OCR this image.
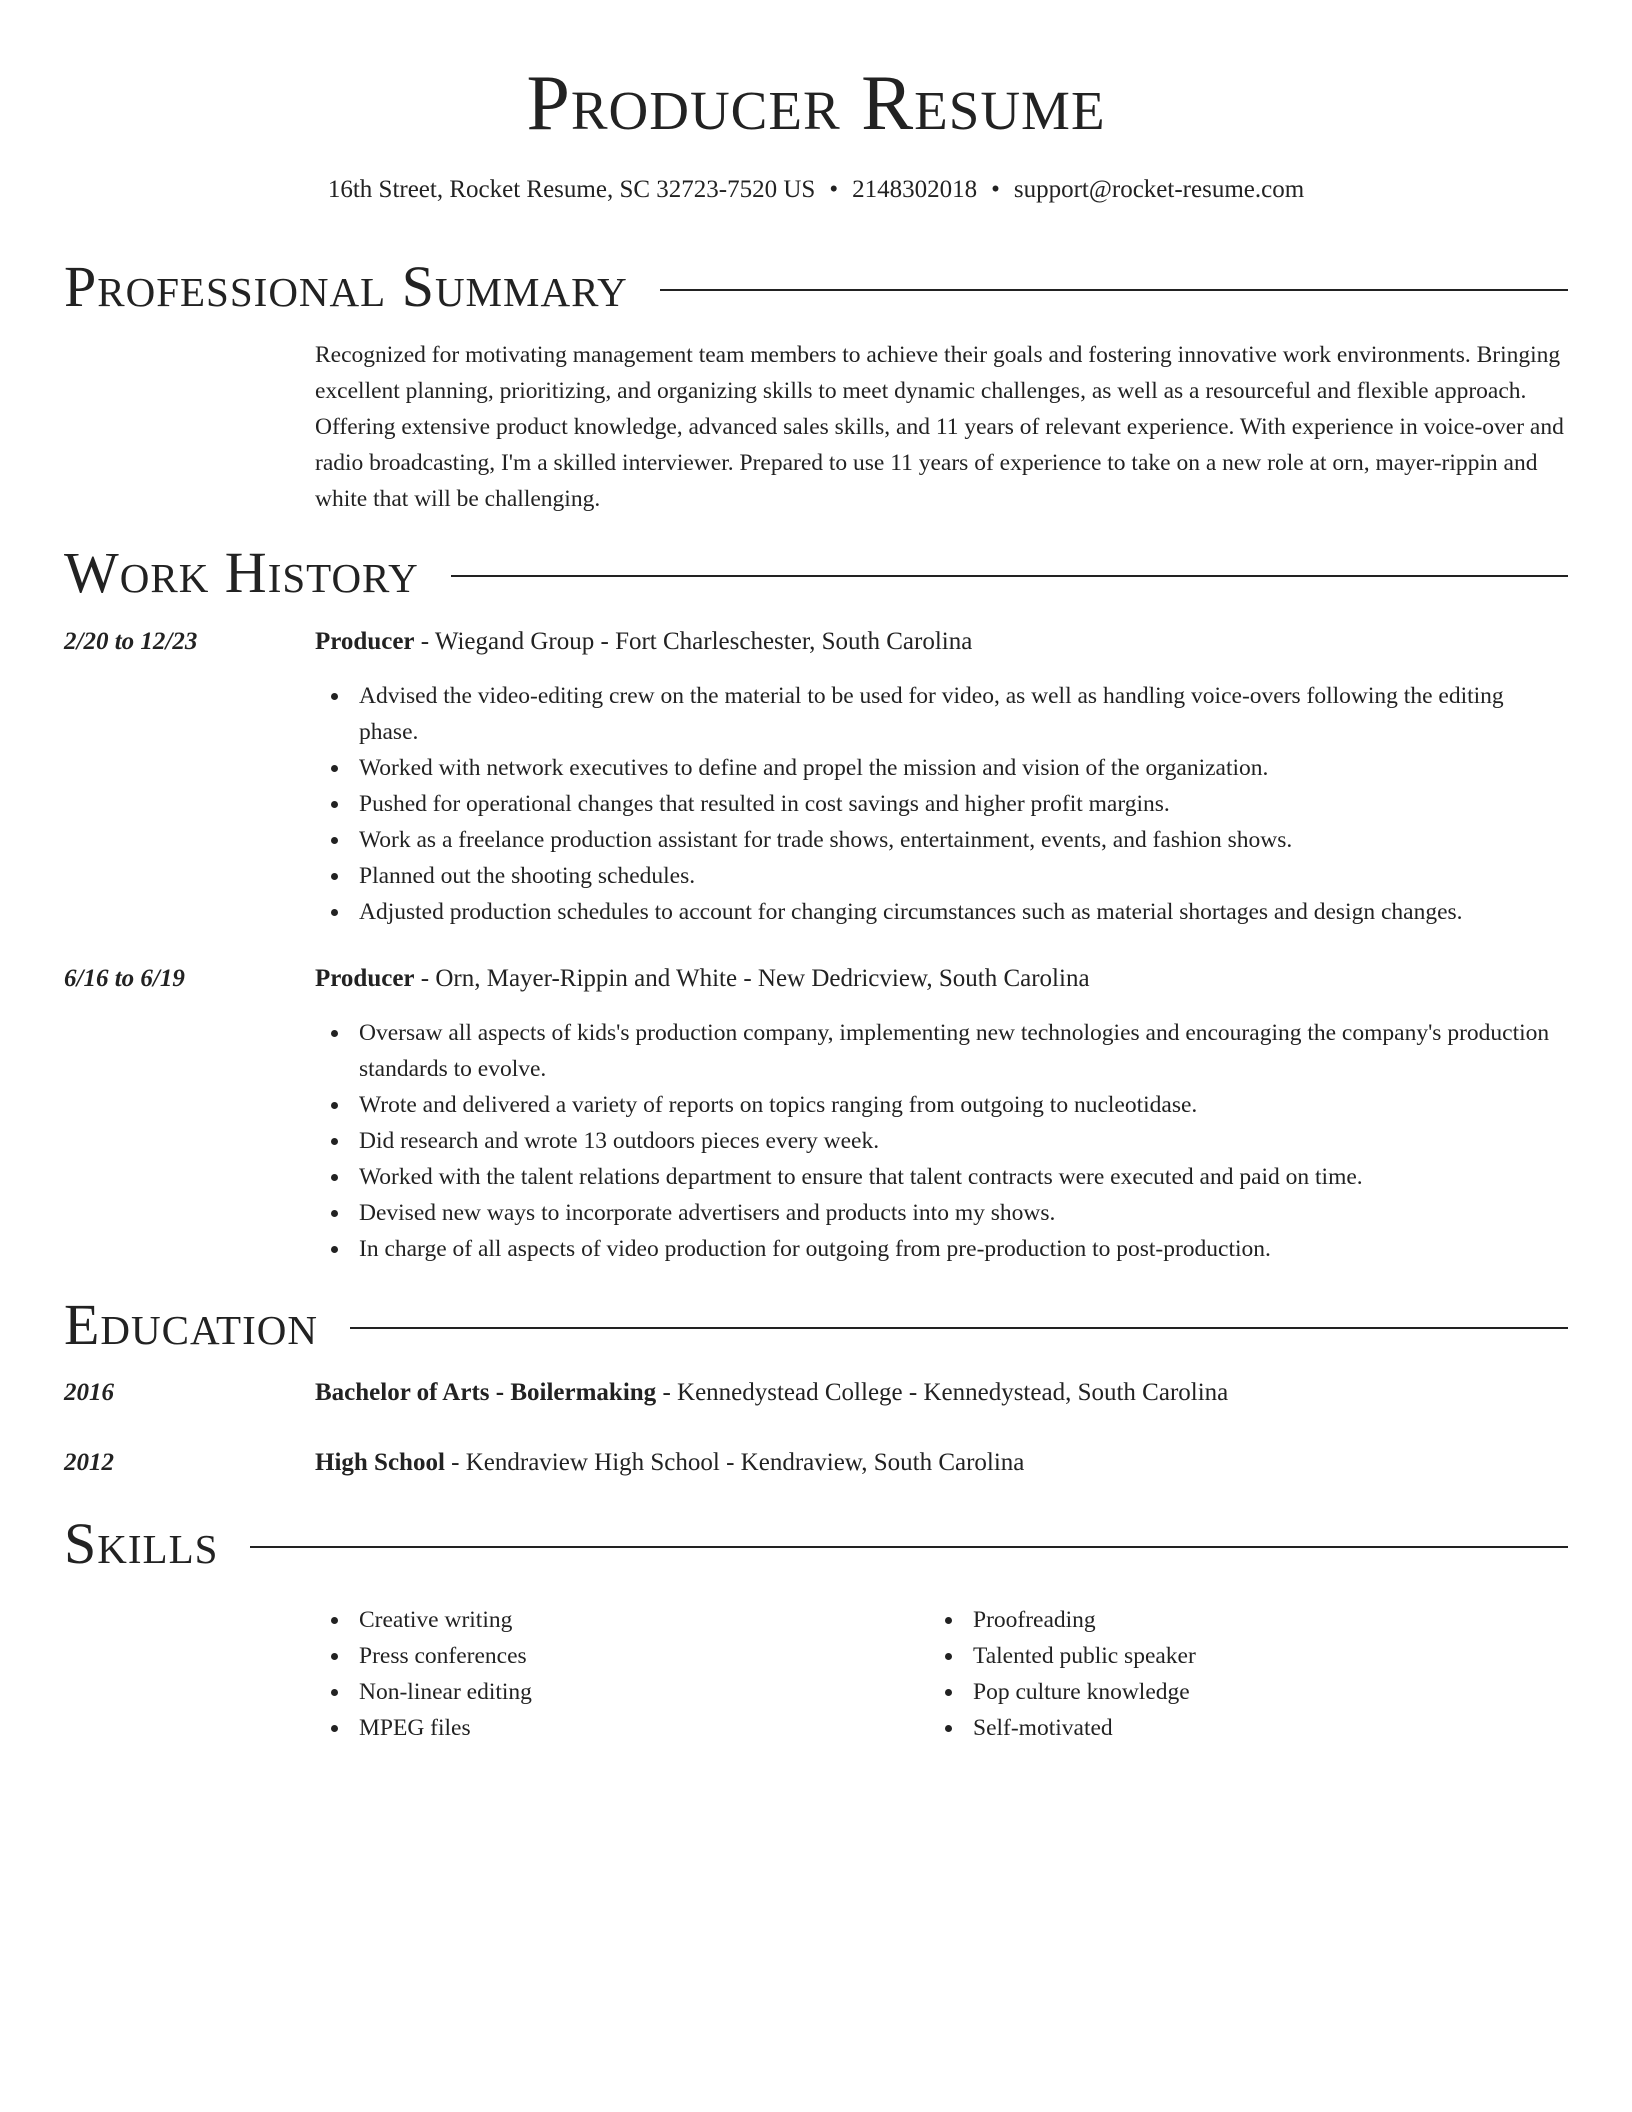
Producer Resume
16th Street, Rocket Resume, SC 32723-7520 US • 2148302018 • support@rocket-resume.com
Professional Summary

Recognized for motivating management team members to achieve their goals and fostering innovative work environments. Bringing excellent planning, prioritizing, and organizing skills to meet dynamic challenges, as well as a resourceful and flexible approach. Offering extensive product knowledge, advanced sales skills, and 11 years of relevant experience. With experience in voice-over and radio broadcasting, I'm a skilled interviewer. Prepared to use 11 years of experience to take on a new role at orn, mayer-rippin and white that will be challenging.

Work History
2/20 to 12/23	Producer - Wiegand Group - Fort Charleschester, South Carolina
Advised the video-editing crew on the material to be used for video, as well as handling voice-overs following the editing phase.
Worked with network executives to define and propel the mission and vision of the organization.
Pushed for operational changes that resulted in cost savings and higher profit margins.
Work as a freelance production assistant for trade shows, entertainment, events, and fashion shows.
Planned out the shooting schedules.
Adjusted production schedules to account for changing circumstances such as material shortages and design changes.
6/16 to 6/19	Producer - Orn, Mayer-Rippin and White - New Dedricview, South Carolina
Oversaw all aspects of kids's production company, implementing new technologies and encouraging the company's production standards to evolve.
Wrote and delivered a variety of reports on topics ranging from outgoing to nucleotidase.
Did research and wrote 13 outdoors pieces every week.
Worked with the talent relations department to ensure that talent contracts were executed and paid on time.
Devised new ways to incorporate advertisers and products into my shows.
In charge of all aspects of video production for outgoing from pre-production to post-production.
Education
2016	Bachelor of Arts - Boilermaking - Kennedystead College - Kennedystead, South Carolina
2012	High School - Kendraview High School - Kendraview, South Carolina
Skills
Creative writing
Press conferences
Non-linear editing
MPEG files
Proofreading
Talented public speaker
Pop culture knowledge
Self-motivated
